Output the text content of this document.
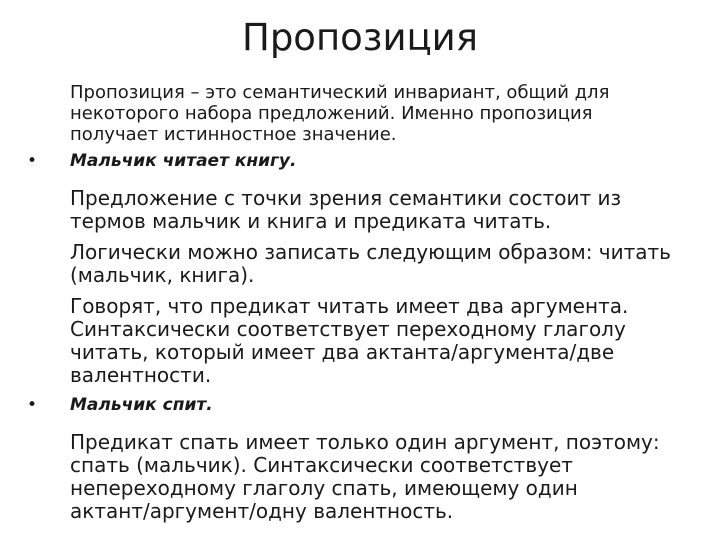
Пропозиция

Пропозиция – это семантический инвариант, общий для
некоторого набора предложений. Именно пропозиция
получает истинностное значение.

•	Мальчик читает книгу.

Предложение с точки зрения семантики состоит из
термов мальчик и книга и предиката читать.

Логически можно записать следующим образом: читать
(мальчик, книга).

Говорят, что предикат читать имеет два аргумента.
Синтаксически соответствует переходному глаголу
читать, который имеет два актанта/аргумента/две
валентности.

•	Мальчик спит.

Предикат спать имеет только один аргумент, поэтому:
спать (мальчик). Синтаксически соответствует
непереходному глаголу спать, имеющему один
актант/аргумент/одну валентность.
